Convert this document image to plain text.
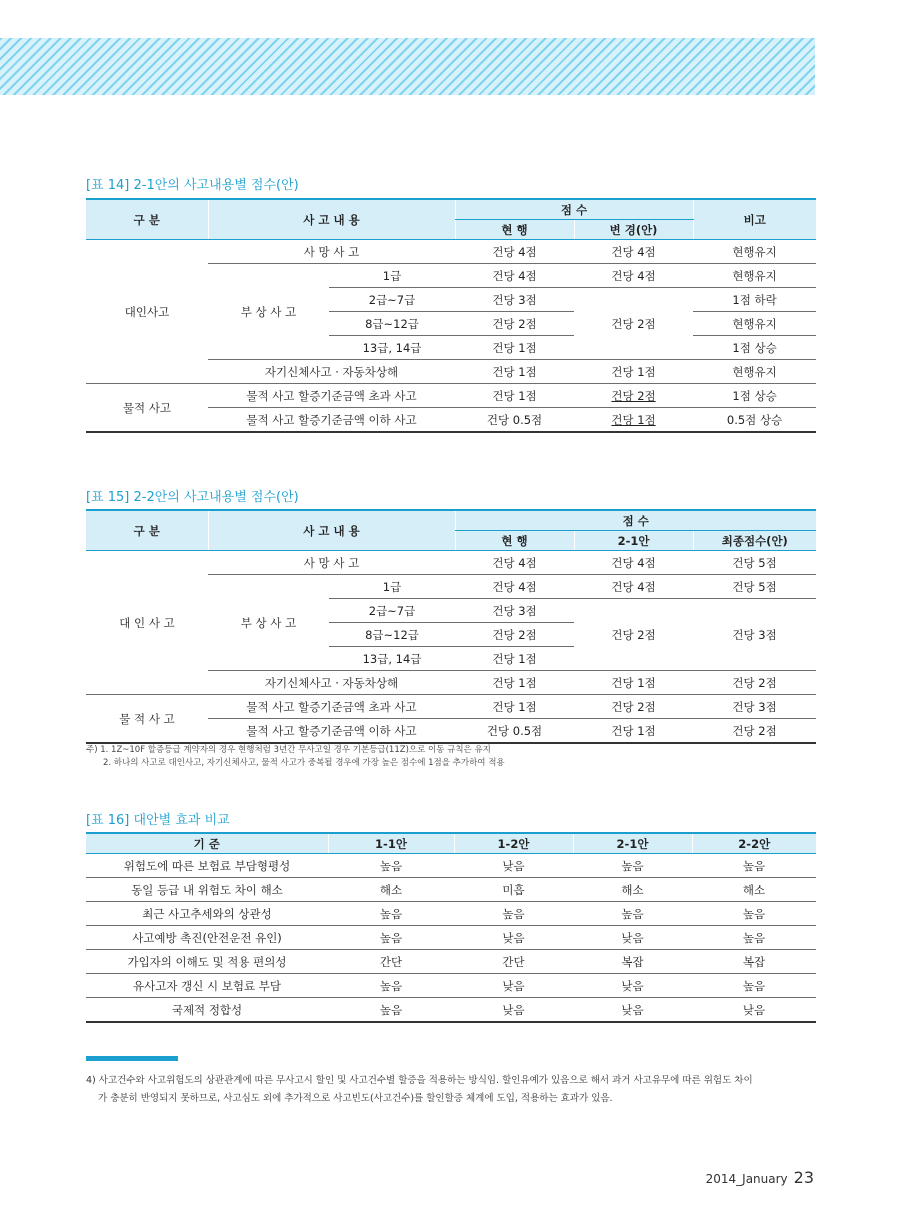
[표 14] 2-1안의 사고내용별 점수(안)
구 분	사 고 내 용		점 수		비고
			현 행	변 경(안)	
대인사고	사 망 사 고		건당 4점	건당 4점	현행유지
	부 상 사 고	1급	건당 4점	건당 4점	현행유지
		2급~7급	건당 3점	건당 2점	1점 하락
		8급~12급	건당 2점		현행유지
		13급, 14급	건당 1점		1점 상승
	자기신체사고 · 자동차상해		건당 1점	건당 1점	현행유지
물적 사고	물적 사고 할증기준금액 초과 사고		건당 1점	건당 2점	1점 상승
	물적 사고 할증기준금액 이하 사고		건당 0.5점	건당 1점	0.5점 상승
[표 15] 2-2안의 사고내용별 점수(안)
구 분	사 고 내 용		점 수		
			현 행	2-1안	최종점수(안)
대 인 사 고	사 망 사 고		건당 4점	건당 4점	건당 5점
	부 상 사 고	1급	건당 4점	건당 4점	건당 5점
		2급~7급	건당 3점	건당 2점	건당 3점
		8급~12급	건당 2점		
		13급, 14급	건당 1점		
	자기신체사고 · 자동차상해		건당 1점	건당 1점	건당 2점
물 적 사 고	물적 사고 할증기준금액 초과 사고		건당 1점	건당 2점	건당 3점
	물적 사고 할증기준금액 이하 사고		건당 0.5점	건당 1점	건당 2점
주) 1. 1Z~10F 할증등급 계약자의 경우 현행처럼 3년간 무사고일 경우 기본등급(11Z)으로 이동 규칙은 유지
2. 하나의 사고로 대인사고, 자기신체사고, 물적 사고가 중복될 경우에 가장 높은 점수에 1점을 추가하여 적용
[표 16] 대안별 효과 비교
기 준	1-1안	1-2안	2-1안	2-2안
위험도에 따른 보험료 부담형평성	높음	낮음	높음	높음
동일 등급 내 위험도 차이 해소	해소	미흡	해소	해소
최근 사고추세와의 상관성	높음	높음	높음	높음
사고예방 촉진(안전운전 유인)	높음	낮음	낮음	높음
가입자의 이해도 및 적용 편의성	간단	간단	복잡	복잡
유사고자 갱신 시 보험료 부담	높음	낮음	낮음	높음
국제적 정합성	높음	낮음	낮음	낮음
4) 사고건수와 사고위험도의 상관관계에 따른 무사고시 할인 및 사고건수별 할증을 적용하는 방식임. 할인유예가 있음으로 해서 과거 사고유무에 따른 위험도 차이
가 충분히 반영되지 못하므로, 사고심도 외에 추가적으로 사고빈도(사고건수)를 할인할증 체계에 도입, 적용하는 효과가 있음.
2014_January 23
